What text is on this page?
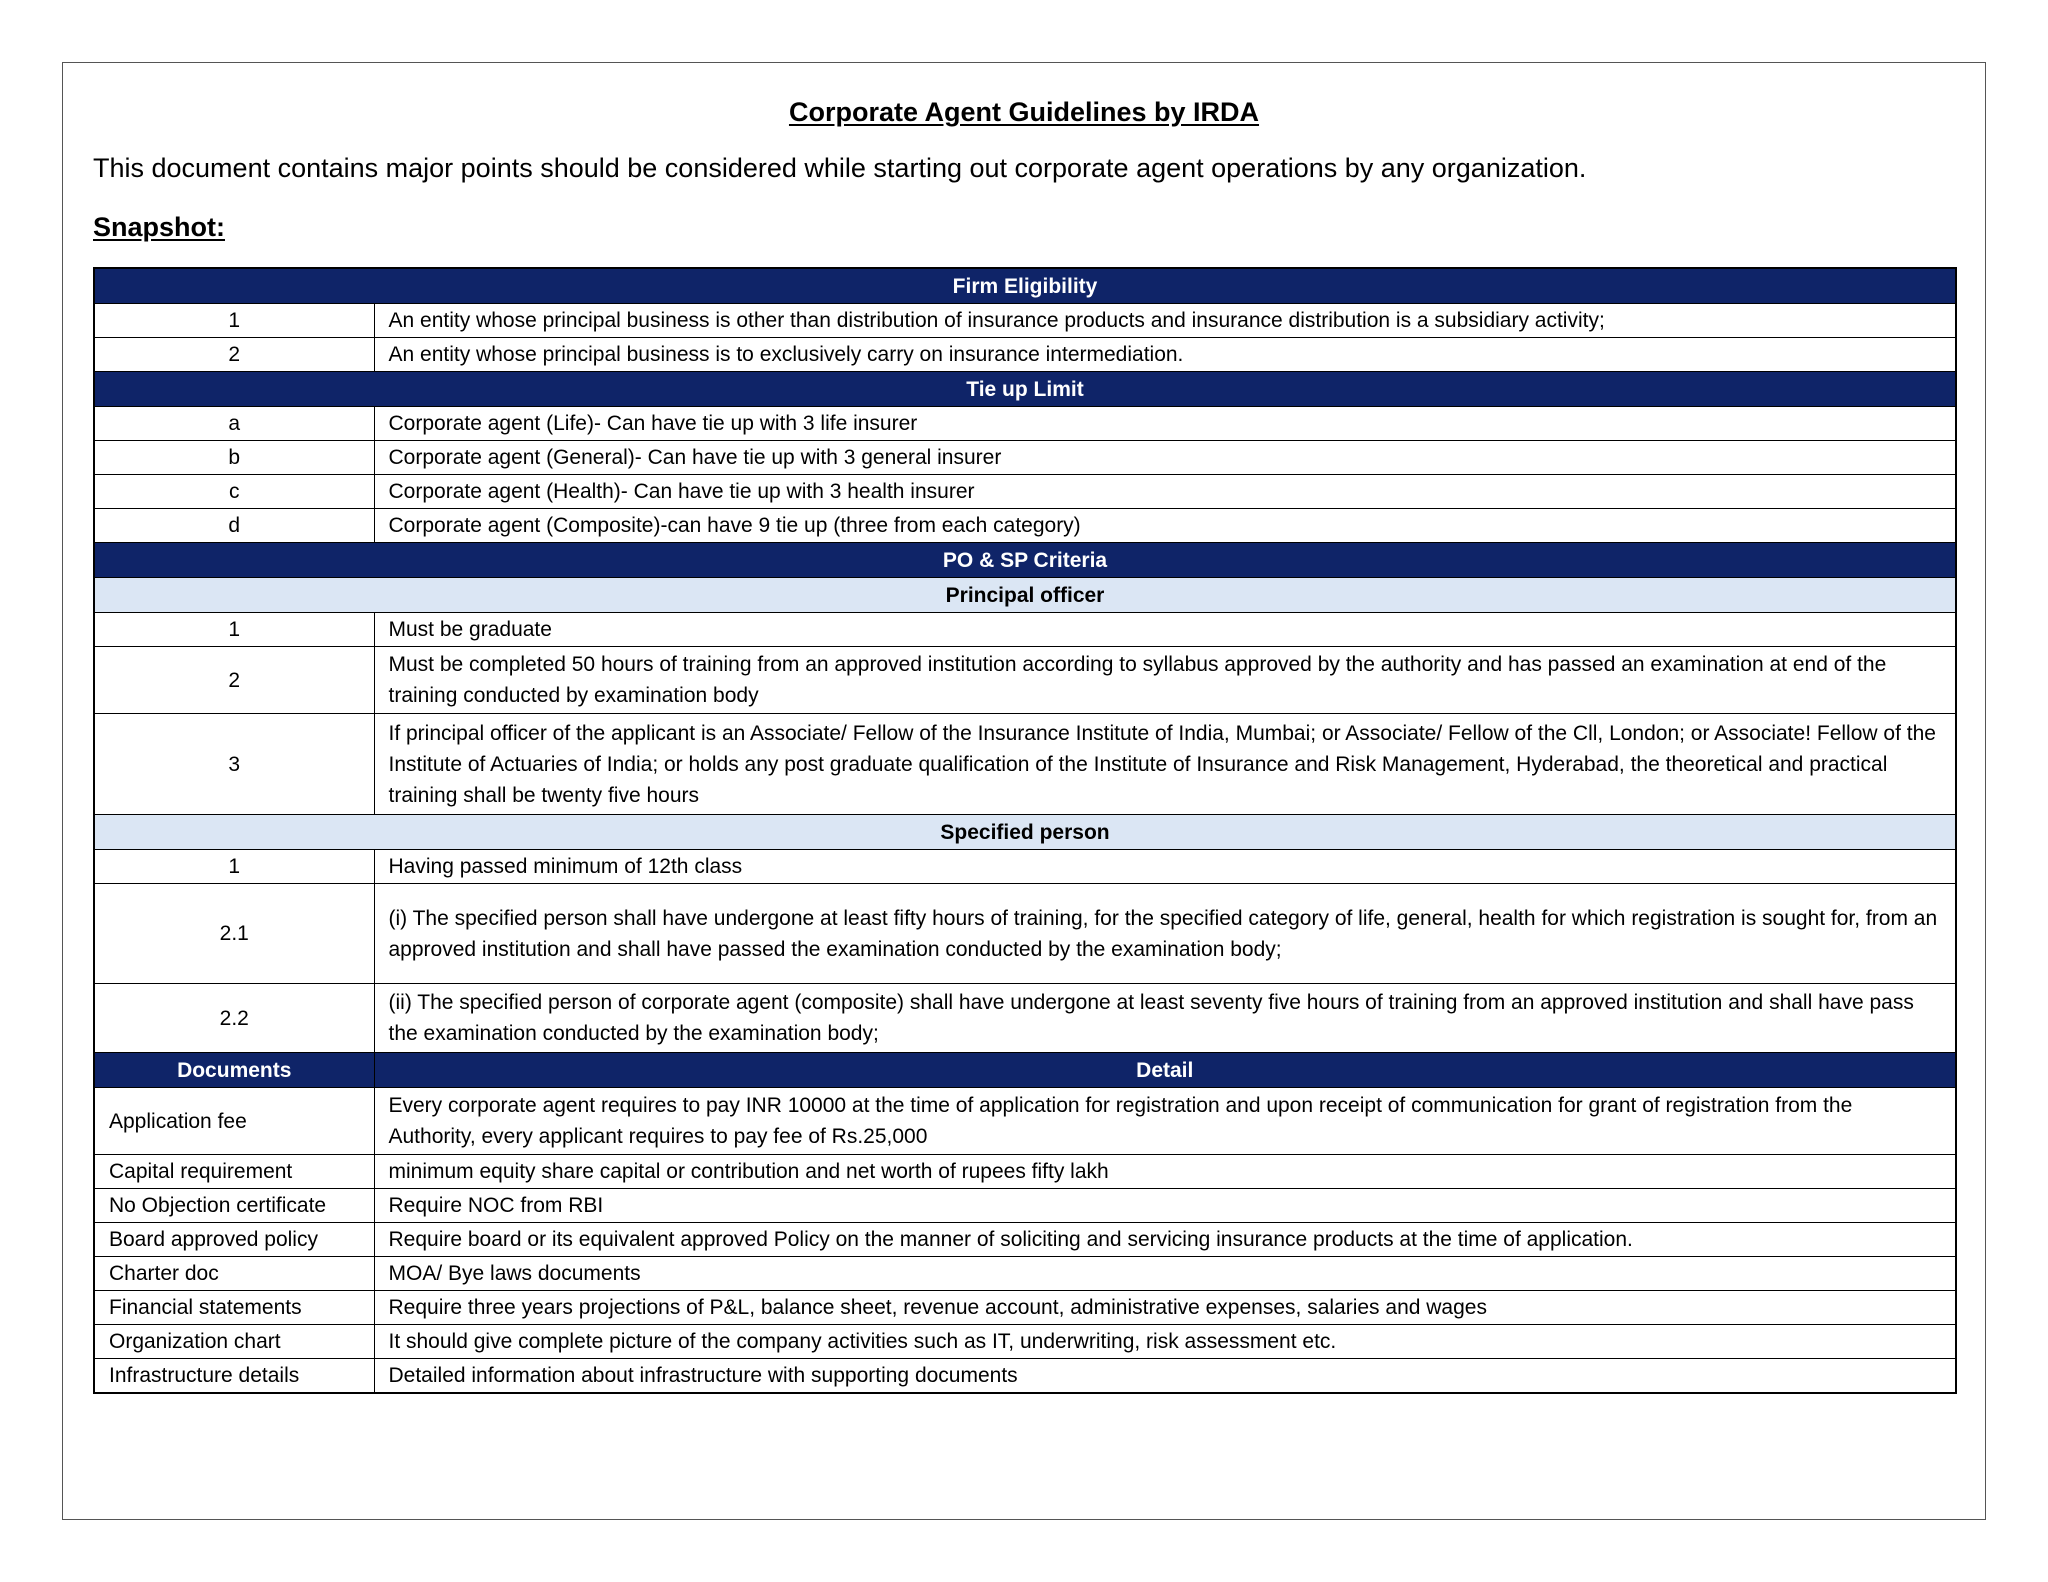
Corporate Agent Guidelines by IRDA
This document contains major points should be considered while starting out corporate agent operations by any organization.
Snapshot:
Firm Eligibility	
1	An entity whose principal business is other than distribution of insurance products and insurance distribution is a subsidiary activity;
2	An entity whose principal business is to exclusively carry on insurance intermediation.
Tie up Limit	
a	Corporate agent (Life)- Can have tie up with 3 life insurer
b	Corporate agent (General)- Can have tie up with 3 general insurer
c	Corporate agent (Health)- Can have tie up with 3 health insurer
d	Corporate agent (Composite)-can have 9 tie up (three from each category)
PO & SP Criteria	
Principal officer	
1	Must be graduate
2	Must be completed 50 hours of training from an approved institution according to syllabus approved by the authority and has passed an examination at end of the training conducted by examination body
3	If principal officer of the applicant is an Associate/ Fellow of the Insurance Institute of India, Mumbai; or Associate/ Fellow of the Cll, London; or Associate! Fellow of the Institute of Actuaries of India; or holds any post graduate qualification of the Institute of Insurance and Risk Management, Hyderabad, the theoretical and practical training shall be twenty five hours
Specified person	
1	Having passed minimum of 12th class
2.1	(i) The specified person shall have undergone at least fifty hours of training, for the specified category of life, general, health for which registration is sought for, from an approved institution and shall have passed the examination conducted by the examination body;
2.2	(ii) The specified person of corporate agent (composite) shall have undergone at least seventy five hours of training from an approved institution and shall have pass the examination conducted by the examination body;
Documents	Detail
Application fee	Every corporate agent requires to pay INR 10000 at the time of application for registration and upon receipt of communication for grant of registration from the Authority, every applicant requires to pay fee of Rs.25,000
Capital requirement	minimum equity share capital or contribution and net worth of rupees fifty lakh
No Objection certificate	Require NOC from RBI
Board approved policy	Require board or its equivalent approved Policy on the manner of soliciting and servicing insurance products at the time of application.
Charter doc	MOA/ Bye laws documents
Financial statements	Require three years projections of P&L, balance sheet, revenue account, administrative expenses, salaries and wages
Organization chart	It should give complete picture of the company activities such as IT, underwriting, risk assessment etc.
Infrastructure details	Detailed information about infrastructure with supporting documents
